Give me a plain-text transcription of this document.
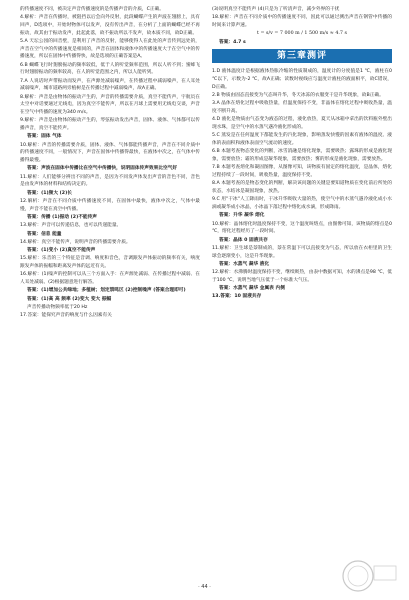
的传播速度不同，被决定声音传播速度的是传播声音的介质，C正确。

4.解析：声音在传播时，被阻挡以后会向外反射，此段蝴蝶产生的声波在翅膀上，具有回声，D选项中，开始时物体可以发声，没有传出声音，在分析了上面的蝴蝶已经不再振动，故其由于振动发声，此起此落，故不振动所以不发声，故本质不同，故D正确。

5.A 天坛公园的回音壁，是利用了声音的反射，能够使得人在此处的声音传到远处的，声音在空气中的传播速度是相同的，声音在固体和液体中的传播速度大于在空气中的传播速度，所以在固体中传播得快，故是选项的正确答案是A。

6.B 蝴蝶飞行时翅膀振动的频率较低，低于人的听觉频率范围，所以人听不到；蜜蜂飞行时翅膀振动的频率较高，在人的听觉范围之内，所以人能听到。

7.A 人说话时声带振动而发声，在声源处减弱噪声，在传播过程中减弱噪声，在人耳处减弱噪声，城市道路两旁植树是在传播过程中减弱噪声，故A正确。

8.解析：声音是由物体的振动产生的，声音的传播需要介质，真空不能传声，宇航员在太空中对话要通过无线电，因为真空不能传声，所以在月球上需要用无线电交谈，声音在空气中传播的速度为340 m/s。

9.解析：声音是由物体的振动产生的，琴弦振动发出声音，固体、液体、气体都可以传播声音，真空不能传声。

答案：固体 气体

10.解析：声音的传播需要介质，固体、液体、气体都能传播声音，声音在不同介质中的传播速度不同，一般情况下，声音在固体中传播得最快，在液体中次之，在气体中传播得最慢。

答案：声波在固体中传播比在空气中传播快，说明固体传声效果比空气好

11.解析：人们能够分辨出不同的声音，是因为不同发声体发出声音的音色不同，音色是由发声体的材料和结构决定的。

答案：(1)频大 (2)长

12.解析：声音在不同介质中传播速度不同，在固体中最快，液体中次之，气体中最慢，声音不能在真空中传播。

答案：传播 (1)振动 (2)不能传声

13.解析：声音可以传递信息，也可以传递能量。

答案：信息 能量

14.解析：真空不能传声，说明声音的传播需要介质。

答案：(1)变小 (2)真空不能传声

15.解析：乐音的三个特征是音调、响度和音色，音调跟发声体振动的频率有关，响度跟发声体的振幅和距离发声体的远近有关。

16.解析：(1)噪声的控制可以从三个方面入手：在声源处减弱、在传播过程中减弱、在人耳处减弱。(2)根据题意进行解答。

答案：(1)增加公共绿地；多植树；划定禁鸣区 (2)控制噪声 (答案合理即可)

答案：(1)高 高 频率 (2)变大 变大 振幅

声音传播动物频率低于20 Hz

17.答案：能探究声音的响度与什么因素有关

(3)说明真空不能传声 (4)只是为了听清声音，减少外界的干扰

18.解析：声音在不同介质中的传播速度不同，因此可以通过测出声音在钢管中传播的时间来计算声速。

t = s/v = 7 000 m / 1 500 m/s ≈ 4.7 s

答案：4.7 s

第三章测评

1.D 液体温度计是根据液体热胀冷缩的性质制成的，温度计的分度值是1 ℃，液柱在0 ℃以下，示数为-2 ℃，故A正确；读数时视线应与温度计液柱的液面相平，故C错误，D正确。

2.B 物质由固态直接变为气态叫升华，冬天冰冻的衣服变干是升华现象，故B正确。

3.A 晶体在熔化过程中吸收热量，但温度保持不变，非晶体在熔化过程中吸收热量，温度不断升高。

4.D 液化是物质由气态变为液态的过程，液化放热，夏天从冰箱中拿出的饮料瓶外壁出现水珠，是空气中的水蒸气遇冷液化形成的。

5.C 蒸发是在任何温度下都能发生的汽化现象，影响蒸发快慢的因素有液体的温度、液体的表面积和液体表面空气流动的速度。

6.B 本题考查物态变化的判断，冰雪消融是熔化现象，需要吸热；露珠的形成是液化现象，需要放热；霜的形成是凝华现象，需要放热；雾的形成是液化现象，需要放热。

7.B 本题考查熔化和凝固图像，从图像可知，该物质有固定的熔化温度，是晶体，熔化过程持续了一段时间，吸收热量，温度保持不变。

8.A 本题考查的是物态变化的判断，解决该问题的关键是要知道物质在变化前后所处的状态，水结冰是凝固现象，放热。

9.C 用"干冰"人工降雨时，干冰升华吸收大量的热，使空气中的水蒸气遇冷液化成小水滴或凝华成小冰晶，小冰晶下落过程中熔化成水滴，形成降雨。

答案：升华 凝华 熔化

10.解析：晶体熔化时温度保持不变，这个温度叫熔点，由图像可知，该物质的熔点是0 ℃，熔化过程经历了一段时间。

答案：晶体 0 固液共存

11.解析：卫生球是萘制成的，萘在常温下可以直接变为气态，所以放在衣柜里的卫生球会逐渐变小，这是升华现象。

答案：水蒸气 凝华 液化

12.解析：水沸腾时温度保持不变，继续吸热，由表中数据可知，水的沸点是98 ℃，低于100 ℃，说明当地气压低于一个标准大气压。

答案：水蒸气 凝华 金属表 内侧

13.答案：10 固液共存

· 44 ·
